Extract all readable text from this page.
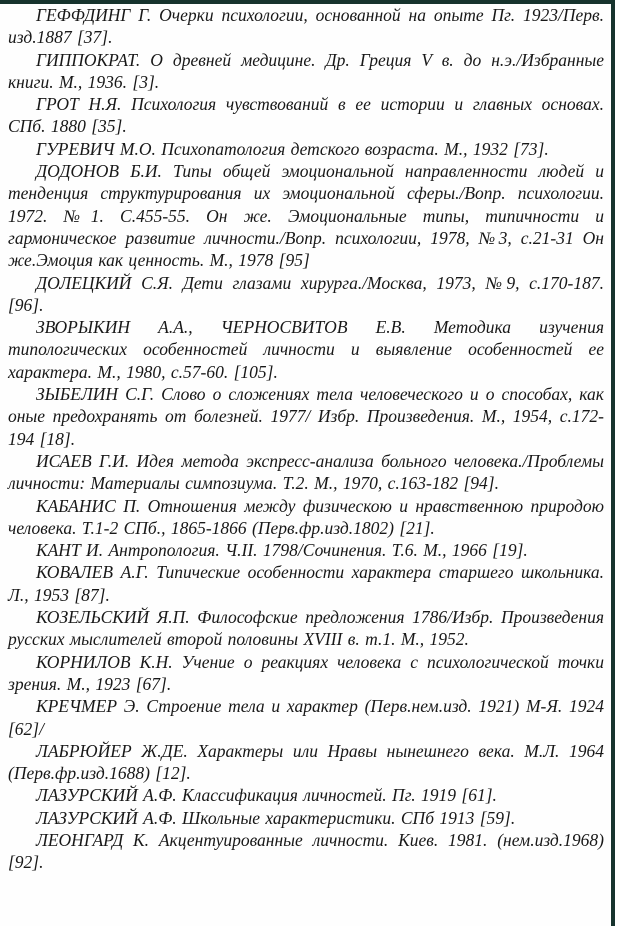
ГЕФФДИНГ Г. Очерки психологии, основанной на опыте Пг. 1923/Перв. изд.1887 [37].

ГИППОКРАТ. О древней медицине. Др. Греция V в. до н.э./Избранные книги. М., 1936. [3].

ГРОТ Н.Я. Психология чувствований в ее истории и главных основах. СПб. 1880 [35].

ГУРЕВИЧ М.О. Психопатология детского возраста. М., 1932 [73].

ДОДОНОВ Б.И. Типы общей эмоциональной направленности людей и тенденция структурирования их эмоциональной сферы./Вопр. психологии. 1972. №1. С.455-55. Он же. Эмоциональные типы, типичности и гармоническое развитие личности./Вопр. психологии, 1978, №3, с.21-31 Он же.Эмоция как ценность. М., 1978 [95]

ДОЛЕЦКИЙ С.Я. Дети глазами хирурга./Москва, 1973, №9, с.170-187. [96].

ЗВОРЫКИН А.А., ЧЕРНОСВИТОВ Е.В. Методика изучения типологических особенностей личности и выявление особенностей ее характера. М., 1980, с.57-60. [105].

ЗЫБЕЛИН С.Г. Слово о сложениях тела человеческого и о способах, как оные предохранять от болезней. 1977/ Избр. Произведения. М., 1954, с.172-194 [18].

ИСАЕВ Г.И. Идея метода экспресс-анализа больного человека./Проблемы личности: Материалы симпозиума. Т.2. М., 1970, с.163-182 [94].

КАБАНИС П. Отношения между физическою и нравственною природою человека. Т.1-2 СПб., 1865-1866 (Перв.фр.изд.1802) [21].

КАНТ И. Антропология. Ч.II. 1798/Сочинения. Т.6. М., 1966 [19].

КОВАЛЕВ А.Г. Типические особенности характера старшего школьника. Л., 1953 [87].

КОЗЕЛЬСКИЙ Я.П. Философские предложения 1786/Избр. Произведения русских мыслителей второй половины XVIII в. т.1. М., 1952.

КОРНИЛОВ К.Н. Учение о реакциях человека с психологической точки зрения. М., 1923 [67].

КРЕЧМЕР Э. Строение тела и характер (Перв.нем.изд. 1921) М-Я. 1924 [62]/

ЛАБРЮЙЕР Ж.ДЕ. Характеры или Нравы нынешнего века. М.Л. 1964 (Перв.фр.изд.1688) [12].

ЛАЗУРСКИЙ А.Ф. Классификация личностей. Пг. 1919 [61].

ЛАЗУРСКИЙ А.Ф. Школьные характеристики. СПб 1913 [59].

ЛЕОНГАРД К. Акцентуированные личности. Киев. 1981. (нем.изд.1968) [92].
